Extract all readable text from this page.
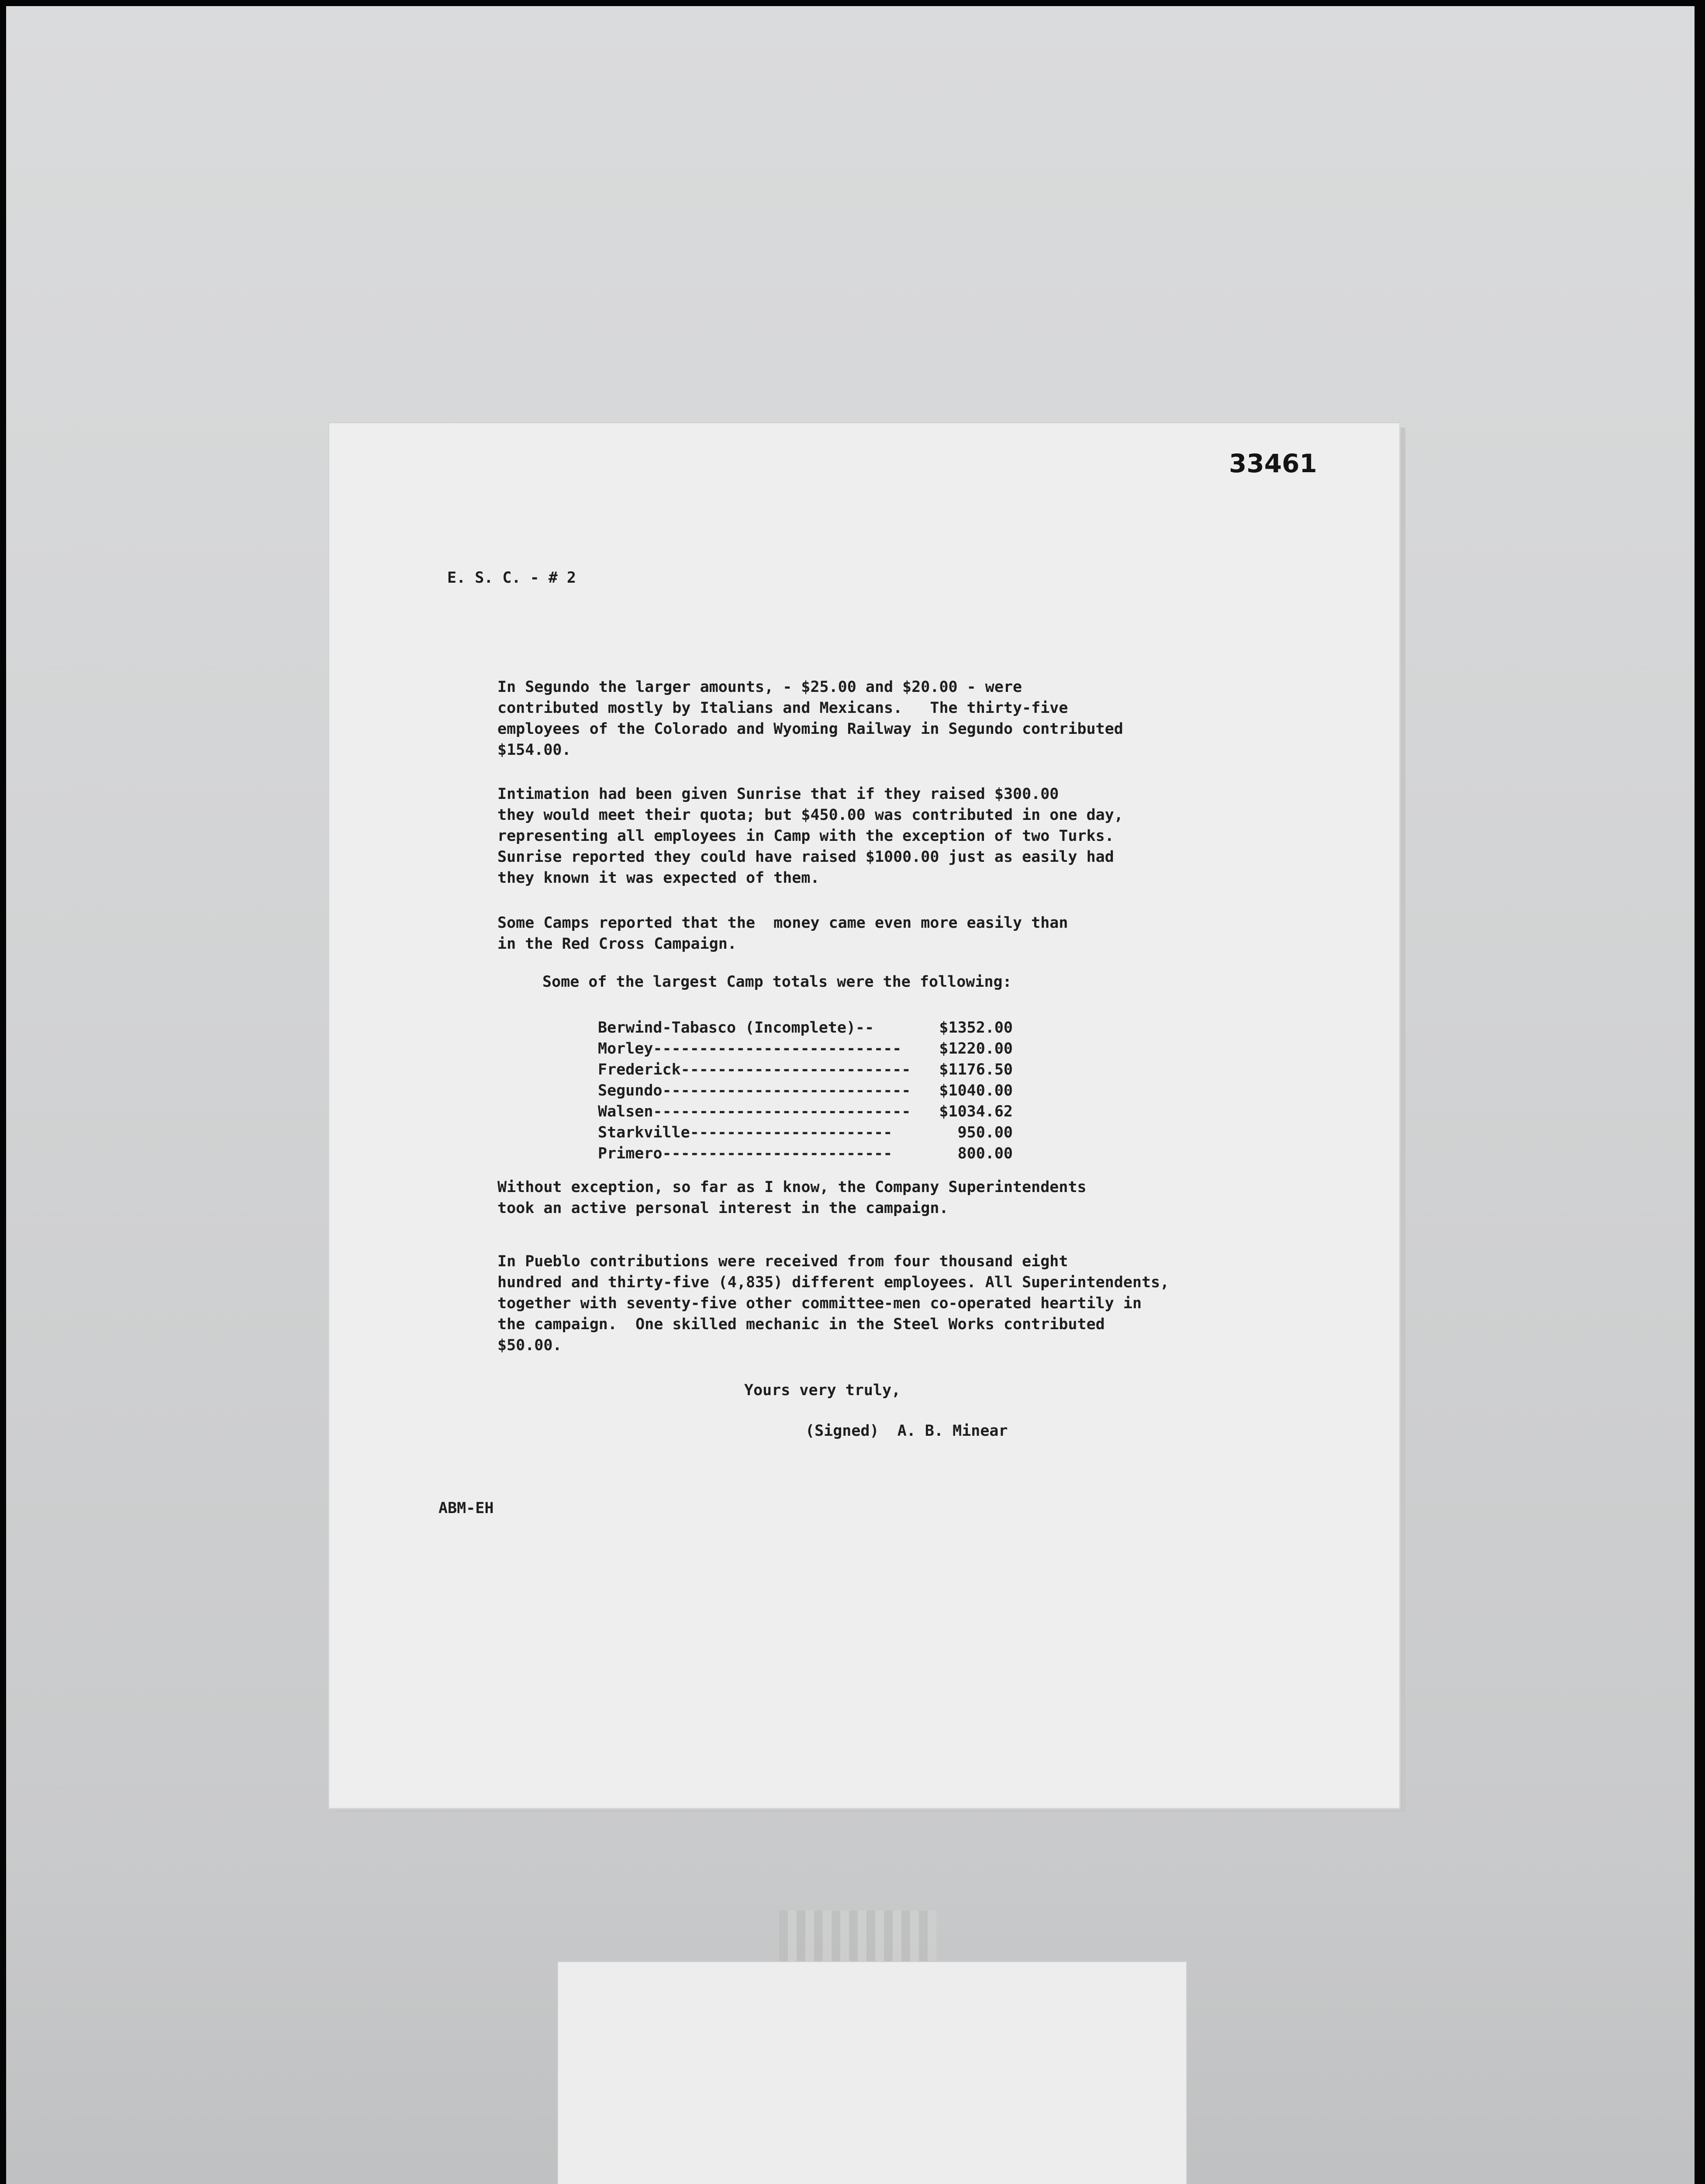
33461

E. S. C. - # 2

In Segundo the larger amounts, - $25.00 and $20.00 - were
contributed mostly by Italians and Mexicans.   The thirty-five
employees of the Colorado and Wyoming Railway in Segundo contributed
$154.00.

Intimation had been given Sunrise that if they raised $300.00
they would meet their quota; but $450.00 was contributed in one day,
representing all employees in Camp with the exception of two Turks.
Sunrise reported they could have raised $1000.00 just as easily had
they known it was expected of them.

Some Camps reported that the  money came even more easily than
in the Red Cross Campaign.

Some of the largest Camp totals were the following:

Berwind-Tabasco (Incomplete)--	$1352.00
Morley---------------------------	$1220.00
Frederick-------------------------	$1176.50
Segundo---------------------------	$1040.00
Walsen----------------------------	$1034.62
Starkville----------------------	950.00
Primero-------------------------	800.00

Without exception, so far as I know, the Company Superintendents
took an active personal interest in the campaign.

In Pueblo contributions were received from four thousand eight
hundred and thirty-five (4,835) different employees. All Superintendents,
together with seventy-five other committee-men co-operated heartily in
the campaign.  One skilled mechanic in the Steel Works contributed
$50.00.

Yours very truly,

(Signed)  A. B. Minear

ABM-EH
